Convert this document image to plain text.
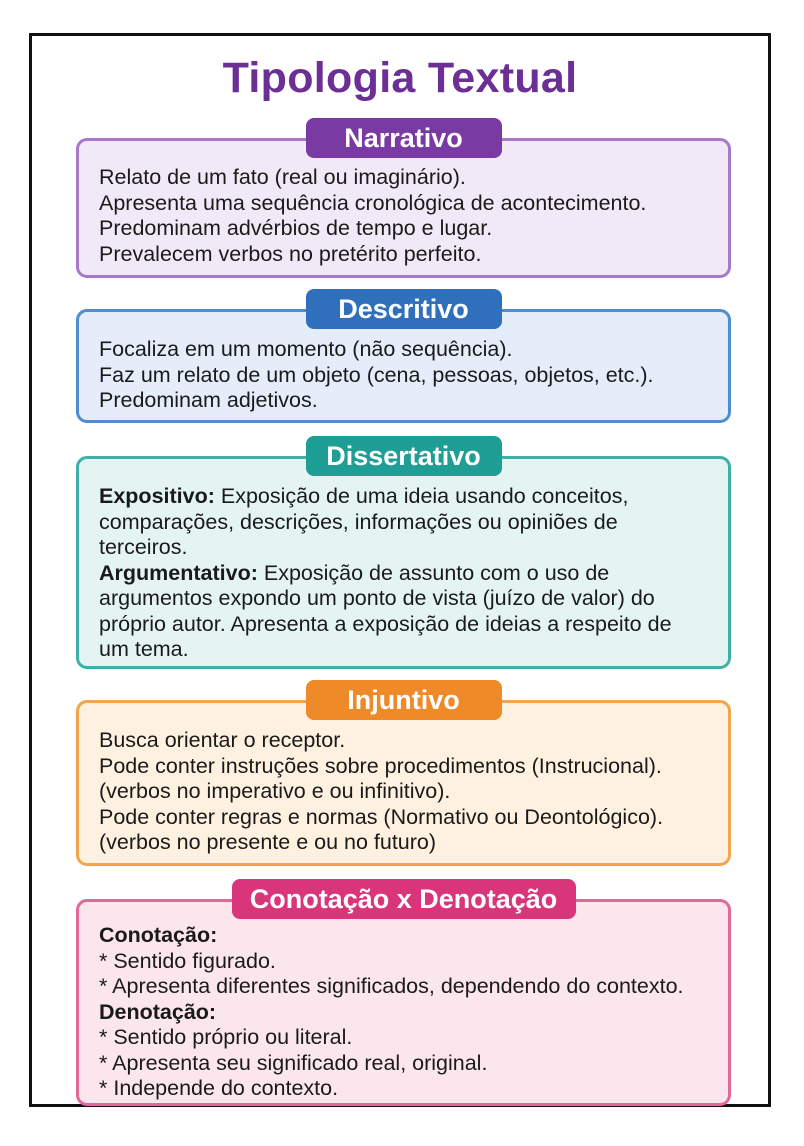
Tipologia Textual

Relato de um fato (real ou imaginário).

Apresenta uma sequência cronológica de acontecimento.

Predominam advérbios de tempo e lugar.

Prevalecem verbos no pretérito perfeito.

Narrativo

Focaliza em um momento (não sequência).

Faz um relato de um objeto (cena, pessoas, objetos, etc.).

Predominam adjetivos.

Descritivo

Expositivo: Exposição de uma ideia usando conceitos,

comparações, descrições, informações ou opiniões de

terceiros.

Argumentativo: Exposição de assunto com o uso de

argumentos expondo um ponto de vista (juízo de valor) do

próprio autor. Apresenta a exposição de ideias a respeito de

um tema.

Dissertativo

Busca orientar o receptor.

Pode conter instruções sobre procedimentos (Instrucional).

(verbos no imperativo e ou infinitivo).

Pode conter regras e normas (Normativo ou Deontológico).

(verbos no presente e ou no futuro)

Injuntivo

Conotação:

* Sentido figurado.

* Apresenta diferentes significados, dependendo do contexto.

Denotação:

* Sentido próprio ou literal.

* Apresenta seu significado real, original.

* Independe do contexto.

Conotação x Denotação
